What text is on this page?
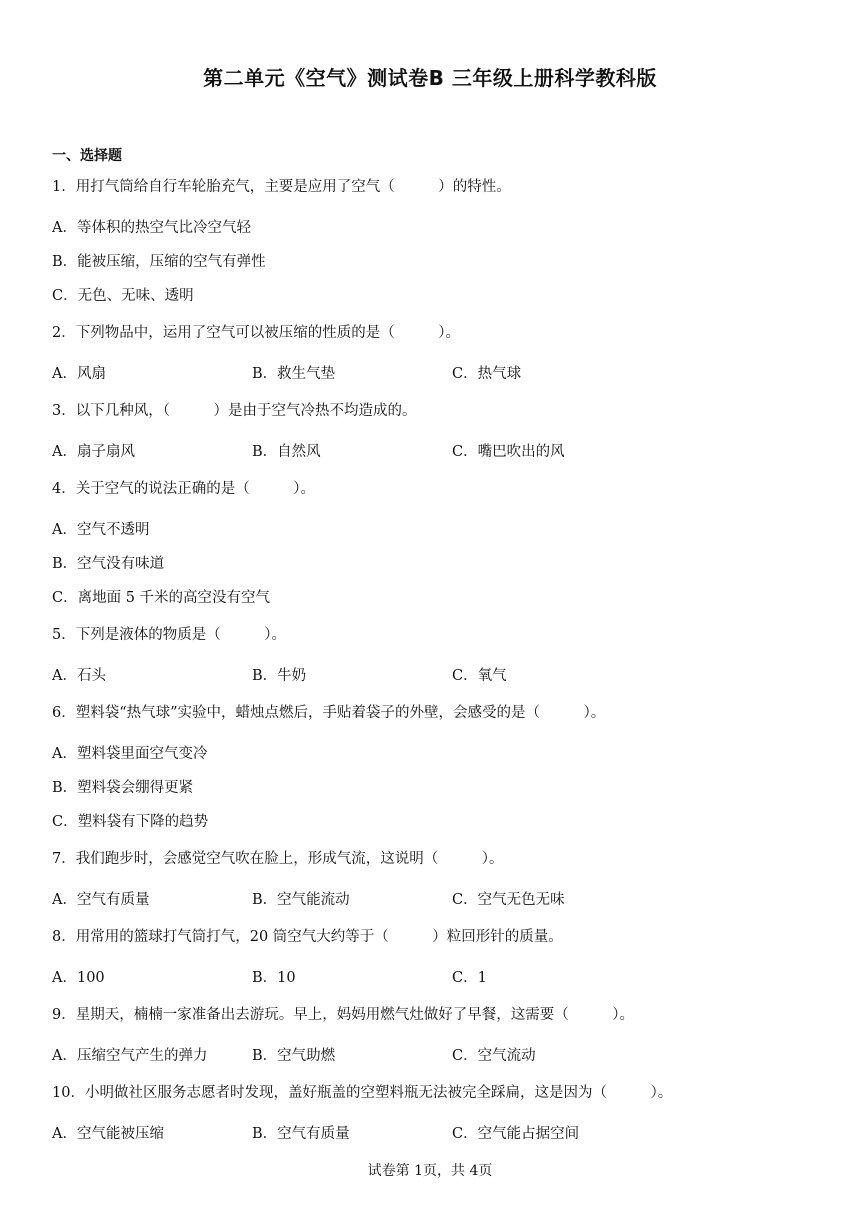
第二单元《空气》测试卷B 三年级上册科学教科版
一、选择题
1．用打气筒给自行车轮胎充气，主要是应用了空气（　　　）的特性。
A．等体积的热空气比冷空气轻
B．能被压缩，压缩的空气有弹性
C．无色、无味、透明
2．下列物品中，运用了空气可以被压缩的性质的是（　　　）。
A．风扇	B．救生气垫	C．热气球
3．以下几种风，（　　　）是由于空气冷热不均造成的。
A．扇子扇风	B．自然风	C．嘴巴吹出的风
4．关于空气的说法正确的是（　　　）。
A．空气不透明
B．空气没有味道
C．离地面 5 千米的高空没有空气
5．下列是液体的物质是（　　　）。
A．石头	B．牛奶	C．氧气
6．塑料袋“热气球”实验中，蜡烛点燃后，手贴着袋子的外壁，会感受的是（　　　）。
A．塑料袋里面空气变冷
B．塑料袋会绷得更紧
C．塑料袋有下降的趋势
7．我们跑步时，会感觉空气吹在脸上，形成气流，这说明（　　　）。
A．空气有质量	B．空气能流动	C．空气无色无味
8．用常用的篮球打气筒打气，20 筒空气大约等于（　　　）粒回形针的质量。
A．100	B．10	C．1
9．星期天，楠楠一家准备出去游玩。早上，妈妈用燃气灶做好了早餐，这需要（　　　）。
A．压缩空气产生的弹力	B．空气助燃	C．空气流动
10．小明做社区服务志愿者时发现，盖好瓶盖的空塑料瓶无法被完全踩扁，这是因为（　　　）。
A．空气能被压缩	B．空气有质量	C．空气能占据空间
试卷第 1页，共 4页
